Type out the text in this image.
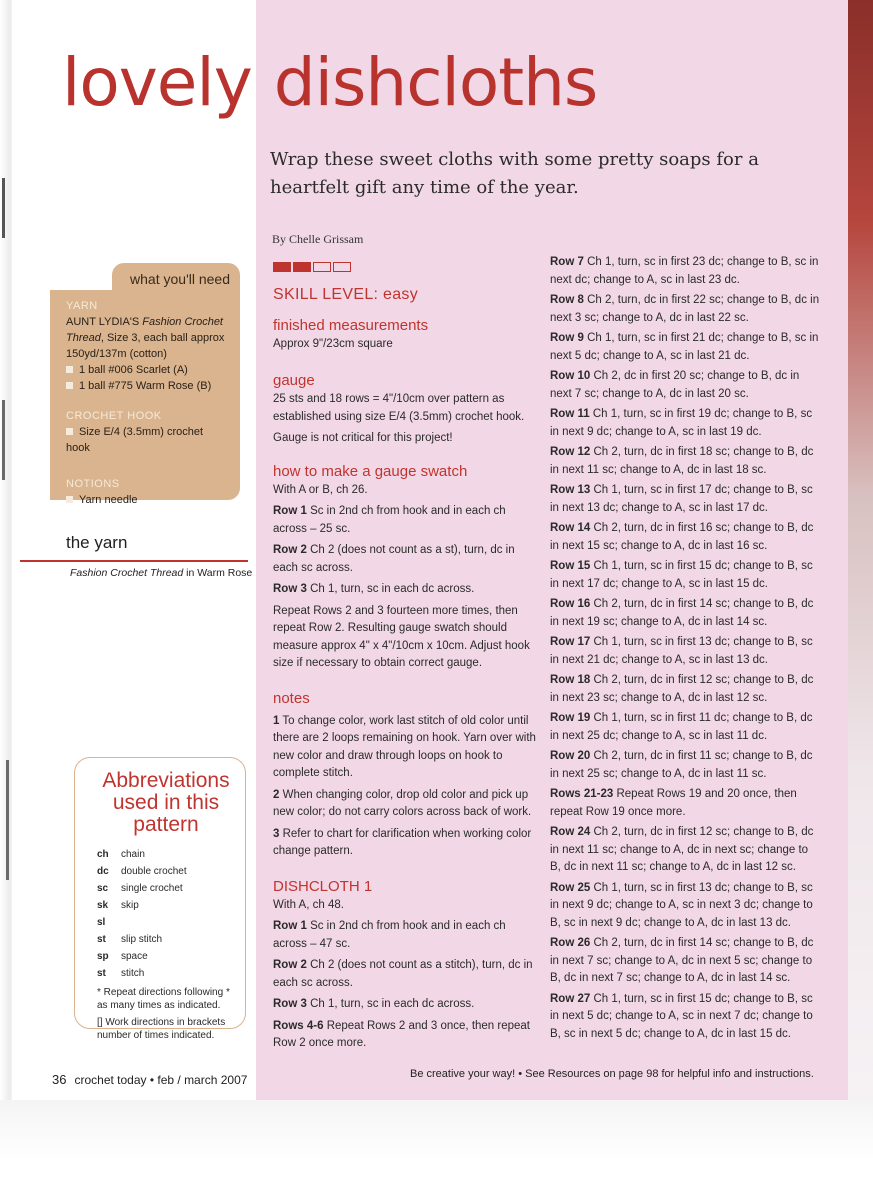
lovely dishcloths

Wrap these sweet cloths with some pretty soaps for a heartfelt gift any time of the year.

By Chelle Grissam

what you'll need
YARN
AUNT LYDIA'S Fashion Crochet Thread, Size 3, each ball approx 150yd/137m (cotton)
1 ball #006 Scarlet (A)
1 ball #775 Warm Rose (B)
CROCHET HOOK
Size E/4 (3.5mm) crochet hook
NOTIONS
Yarn needle
the yarn
Fashion Crochet Thread in Warm Rose
Abbreviations used in this pattern
ch chain
dc double crochet
sc single crochet
sk skip
sl st slip stitch
sp space
st stitch
* Repeat directions following * as many times as indicated.
[] Work directions in brackets number of times indicated.
SKILL LEVEL: easy
finished measurements
Approx 9"/23cm square
gauge
25 sts and 18 rows = 4"/10cm over pattern as established using size E/4 (3.5mm) crochet hook.
Gauge is not critical for this project!
how to make a gauge swatch
With A or B, ch 26.
Row 1 Sc in 2nd ch from hook and in each ch across – 25 sc.
Row 2 Ch 2 (does not count as a st), turn, dc in each sc across.
Row 3 Ch 1, turn, sc in each dc across.
Repeat Rows 2 and 3 fourteen more times, then repeat Row 2. Resulting gauge swatch should measure approx 4" x 4"/10cm x 10cm. Adjust hook size if necessary to obtain correct gauge.
notes
1 To change color, work last stitch of old color until there are 2 loops remaining on hook. Yarn over with new color and draw through loops on hook to complete stitch.
2 When changing color, drop old color and pick up new color; do not carry colors across back of work.
3 Refer to chart for clarification when working color change pattern.
DISHCLOTH 1
With A, ch 48.
Row 1 Sc in 2nd ch from hook and in each ch across – 47 sc.
Row 2 Ch 2 (does not count as a stitch), turn, dc in each sc across.
Row 3 Ch 1, turn, sc in each dc across.
Rows 4-6 Repeat Rows 2 and 3 once, then repeat Row 2 once more.
Row 7 Ch 1, turn, sc in first 23 dc; change to B, sc in next dc; change to A, sc in last 23 dc.
Row 8 Ch 2, turn, dc in first 22 sc; change to B, dc in next 3 sc; change to A, dc in last 22 sc.
Row 9 Ch 1, turn, sc in first 21 dc; change to B, sc in next 5 dc; change to A, sc in last 21 dc.
Row 10 Ch 2, dc in first 20 sc; change to B, dc in next 7 sc; change to A, dc in last 20 sc.
Row 11 Ch 1, turn, sc in first 19 dc; change to B, sc in next 9 dc; change to A, sc in last 19 dc.
Row 12 Ch 2, turn, dc in first 18 sc; change to B, dc in next 11 sc; change to A, dc in last 18 sc.
Row 13 Ch 1, turn, sc in first 17 dc; change to B, sc in next 13 dc; change to A, sc in last 17 dc.
Row 14 Ch 2, turn, dc in first 16 sc; change to B, dc in next 15 sc; change to A, dc in last 16 sc.
Row 15 Ch 1, turn, sc in first 15 dc; change to B, sc in next 17 dc; change to A, sc in last 15 dc.
Row 16 Ch 2, turn, dc in first 14 sc; change to B, dc in next 19 sc; change to A, dc in last 14 sc.
Row 17 Ch 1, turn, sc in first 13 dc; change to B, sc in next 21 dc; change to A, sc in last 13 dc.
Row 18 Ch 2, turn, dc in first 12 sc; change to B, dc in next 23 sc; change to A, dc in last 12 sc.
Row 19 Ch 1, turn, sc in first 11 dc; change to B, dc in next 25 dc; change to A, sc in last 11 dc.
Row 20 Ch 2, turn, dc in first 11 sc; change to B, dc in next 25 sc; change to A, dc in last 11 sc.
Rows 21-23 Repeat Rows 19 and 20 once, then repeat Row 19 once more.
Row 24 Ch 2, turn, dc in first 12 sc; change to B, dc in next 11 sc; change to A, dc in next sc; change to B, dc in next 11 sc; change to A, dc in last 12 sc.
Row 25 Ch 1, turn, sc in first 13 dc; change to B, sc in next 9 dc; change to A, sc in next 3 dc; change to B, sc in next 9 dc; change to A, dc in last 13 dc.
Row 26 Ch 2, turn, dc in first 14 sc; change to B, dc in next 7 sc; change to A, dc in next 5 sc; change to B, dc in next 7 sc; change to A, dc in last 14 sc.
Row 27 Ch 1, turn, sc in first 15 dc; change to B, sc in next 5 dc; change to A, sc in next 7 dc; change to B, sc in next 5 dc; change to A, dc in last 15 dc.
36 crochet today • feb / march 2007	Be creative your way! • See Resources on page 98 for helpful info and instructions.
